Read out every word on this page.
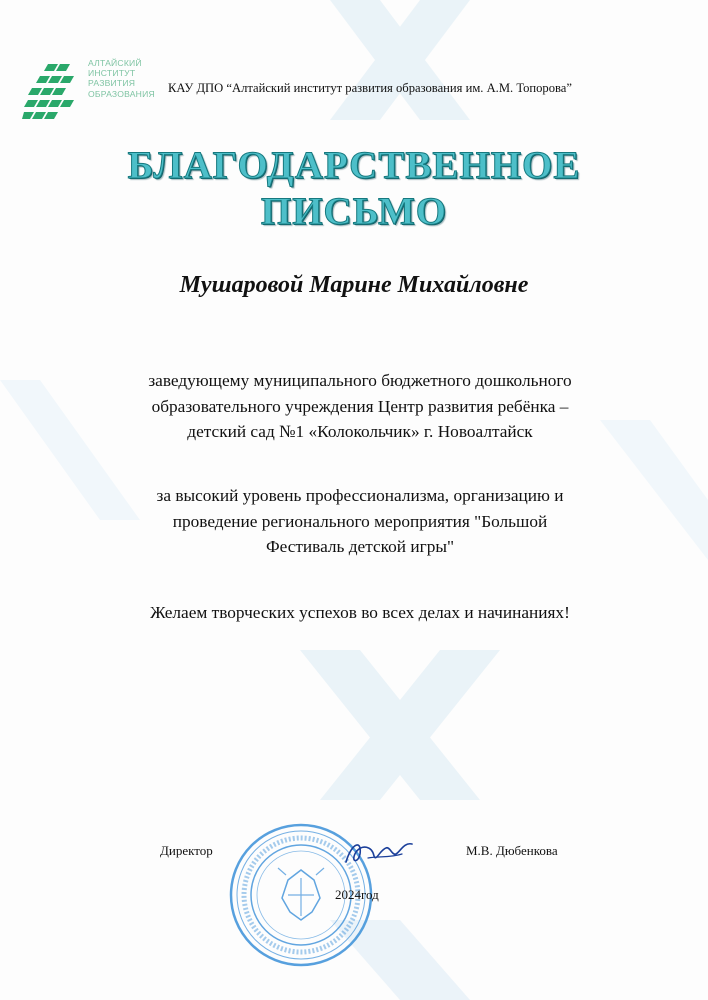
АЛТАЙСКИЙ
ИНСТИТУТ
РАЗВИТИЯ
ОБРАЗОВАНИЯ	КАУ ДПО “Алтайский институт развития образования им. А.М. Топорова”
БЛАГОДАРСТВЕННОЕ
ПИСЬМО
Мушаровой Марине Михайловне
заведующему муниципального бюджетного дошкольного
образовательного учреждения Центр развития ребёнка –
детский сад №1 «Колокольчик» г. Новоалтайск
за высокий уровень профессионализма, организацию и
проведение регионального мероприятия "Большой
Фестиваль детской игры"
Желаем творческих успехов во всех делах и начинаниях!
Директор	М.В. Дюбенкова
2024год
